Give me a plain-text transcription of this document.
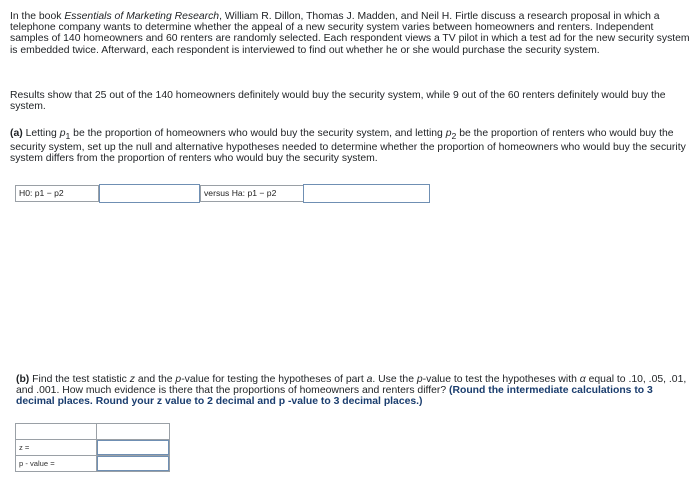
In the book Essentials of Marketing Research, William R. Dillon, Thomas J. Madden, and Neil H. Firtle discuss a research proposal in which a telephone company wants to determine whether the appeal of a new security system varies between homeowners and renters. Independent samples of 140 homeowners and 60 renters are randomly selected. Each respondent views a TV pilot in which a test ad for the new security system is embedded twice. Afterward, each respondent is interviewed to find out whether he or she would purchase the security system.

Results show that 25 out of the 140 homeowners definitely would buy the security system, while 9 out of the 60 renters definitely would buy the system.

(a) Letting $p_1$ be the proportion of homeowners who would buy the security system, and letting $p_2$ be the proportion of renters who would buy the security system, set up the null and alternative hypotheses needed to determine whether the proportion of homeowners who would buy the security system differs from the proportion of renters who would buy the security system.

H0: p1 − p2	versus Ha: p1 − p2

(b) Find the test statistic z and the p-value for testing the hypotheses of part a. Use the p-value to test the hypotheses with α equal to .10, .05, .01, and .001. How much evidence is there that the proportions of homeowners and renters differ? (Round the intermediate calculations to 3 decimal places. Round your z value to 2 decimal and p -value to 3 decimal places.)

z =	
p - value =	
